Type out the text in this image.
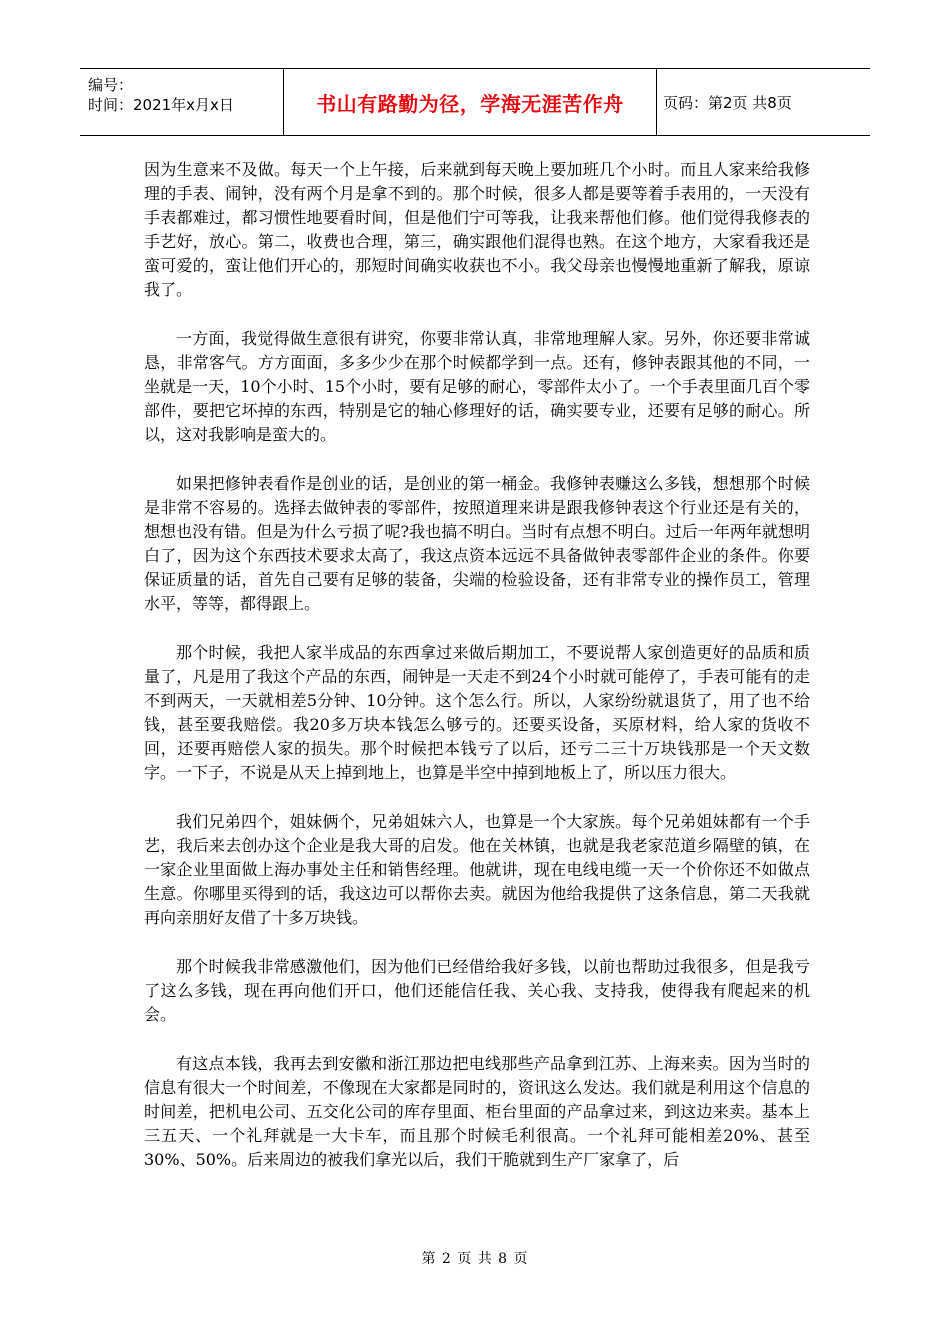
编号：
时间：2021年x月x日	书山有路勤为径，学海无涯苦作舟	页码：第2页 共8页

因为生意来不及做。每天一个上午接，后来就到每天晚上要加班几个小时。而且人家来给我修理的手表、闹钟，没有两个月是拿不到的。那个时候，很多人都是要等着手表用的，一天没有手表都难过，都习惯性地要看时间，但是他们宁可等我，让我来帮他们修。他们觉得我修表的手艺好，放心。第二，收费也合理，第三，确实跟他们混得也熟。在这个地方，大家看我还是蛮可爱的，蛮让他们开心的，那短时间确实收获也不小。我父母亲也慢慢地重新了解我，原谅我了。

一方面，我觉得做生意很有讲究，你要非常认真，非常地理解人家。另外，你还要非常诚恳，非常客气。方方面面，多多少少在那个时候都学到一点。还有，修钟表跟其他的不同，一坐就是一天，10个小时、15个小时，要有足够的耐心，零部件太小了。一个手表里面几百个零部件，要把它坏掉的东西，特别是它的轴心修理好的话，确实要专业，还要有足够的耐心。所以，这对我影响是蛮大的。

如果把修钟表看作是创业的话，是创业的第一桶金。我修钟表赚这么多钱，想想那个时候是非常不容易的。选择去做钟表的零部件，按照道理来讲是跟我修钟表这个行业还是有关的，想想也没有错。但是为什么亏损了呢?我也搞不明白。当时有点想不明白。过后一年两年就想明白了，因为这个东西技术要求太高了，我这点资本远远不具备做钟表零部件企业的条件。你要保证质量的话，首先自己要有足够的装备，尖端的检验设备，还有非常专业的操作员工，管理水平，等等，都得跟上。

那个时候，我把人家半成品的东西拿过来做后期加工，不要说帮人家创造更好的品质和质量了，凡是用了我这个产品的东西，闹钟是一天走不到24个小时就可能停了，手表可能有的走不到两天，一天就相差5分钟、10分钟。这个怎么行。所以，人家纷纷就退货了，用了也不给钱，甚至要我赔偿。我20多万块本钱怎么够亏的。还要买设备，买原材料，给人家的货收不回，还要再赔偿人家的损失。那个时候把本钱亏了以后，还亏二三十万块钱那是一个天文数字。一下子，不说是从天上掉到地上，也算是半空中掉到地板上了，所以压力很大。

我们兄弟四个，姐妹俩个，兄弟姐妹六人，也算是一个大家族。每个兄弟姐妹都有一个手艺，我后来去创办这个企业是我大哥的启发。他在关林镇，也就是我老家范道乡隔壁的镇，在一家企业里面做上海办事处主任和销售经理。他就讲，现在电线电缆一天一个价你还不如做点生意。你哪里买得到的话，我这边可以帮你去卖。就因为他给我提供了这条信息，第二天我就再向亲朋好友借了十多万块钱。

那个时候我非常感激他们，因为他们已经借给我好多钱，以前也帮助过我很多，但是我亏了这么多钱，现在再向他们开口，他们还能信任我、关心我、支持我，使得我有爬起来的机会。

有这点本钱，我再去到安徽和浙江那边把电线那些产品拿到江苏、上海来卖。因为当时的信息有很大一个时间差，不像现在大家都是同时的，资讯这么发达。我们就是利用这个信息的时间差，把机电公司、五交化公司的库存里面、柜台里面的产品拿过来，到这边来卖。基本上三五天、一个礼拜就是一大卡车，而且那个时候毛利很高。一个礼拜可能相差20%、甚至30%、50%。后来周边的被我们拿光以后，我们干脆就到生产厂家拿了，后

第 2 页 共 8 页
